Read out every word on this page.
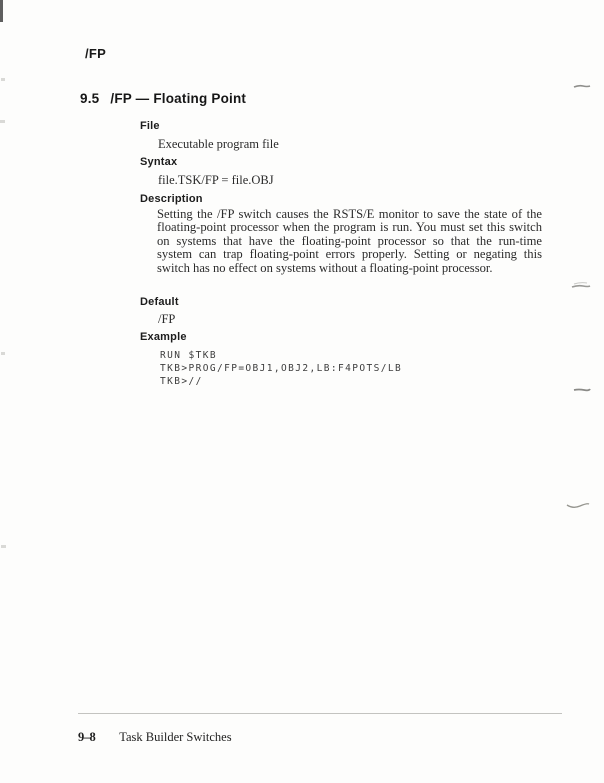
/FP
9.5 /FP — Floating Point
File
Executable program file
Syntax
file.TSK/FP = file.OBJ
Description
Setting the /FP switch causes the RSTS/E monitor to save the state of the floating-point processor when the program is run. You must set this switch on systems that have the floating-point processor so that the run-time system can trap floating-point errors properly. Setting or negating this switch has no effect on systems without a floating-point processor.
Default
/FP
Example
RUN $TKB
TKB>PROG/FP=OBJ1,OBJ2,LB:F4POTS/LB
TKB>//
9–8 Task Builder Switches
